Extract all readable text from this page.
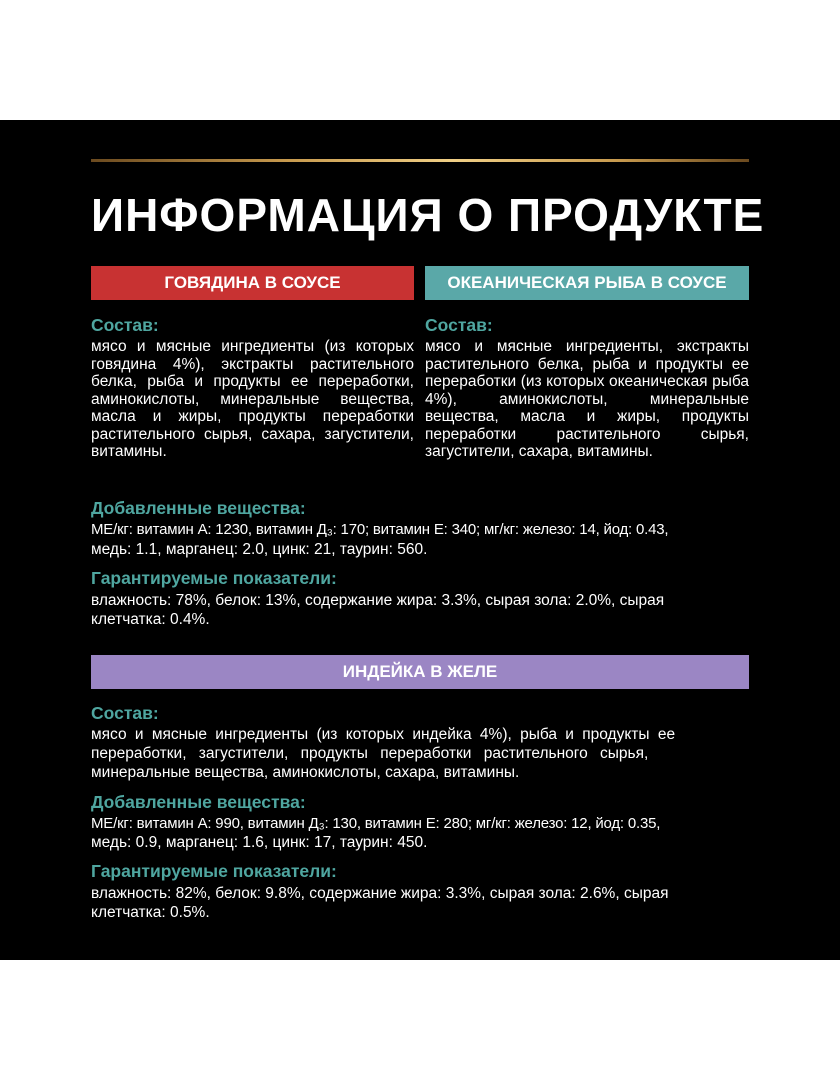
ИНФОРМАЦИЯ О ПРОДУКТЕ
ГОВЯДИНА В СОУСЕ
Состав:
мясо и мясные ингредиенты (из которых говядина 4%), экстракты растительного белка, рыба и продукты ее переработки, аминокислоты, минеральные вещества, масла и жиры, продукты переработки растительного сырья, сахара, загустители, витамины.
ОКЕАНИЧЕСКАЯ РЫБА В СОУСЕ
Состав:
мясо и мясные ингредиенты, экстракты растительного белка, рыба и продукты ее переработки (из которых океаническая рыба 4%), аминокислоты, минеральные вещества, масла и жиры, продукты переработки растительного сырья, загустители, сахара, витамины.
Добавленные вещества:
МЕ/кг: витамин А: 1230, витамин Д₃: 170; витамин Е: 340; мг/кг: железо: 14, йод: 0.43,
медь: 1.1, марганец: 2.0, цинк: 21, таурин: 560.
Гарантируемые показатели:
влажность: 78%, белок: 13%, содержание жира: 3.3%, сырая зола: 2.0%, сырая
клетчатка: 0.4%.
ИНДЕЙКА В ЖЕЛЕ
Состав:
мясо и мясные ингредиенты (из которых индейка 4%), рыба и продукты ее
переработки, загустители, продукты переработки растительного сырья,
минеральные вещества, аминокислоты, сахара, витамины.
Добавленные вещества:
МЕ/кг: витамин А: 990, витамин Д₃: 130, витамин Е: 280; мг/кг: железо: 12, йод: 0.35,
медь: 0.9, марганец: 1.6, цинк: 17, таурин: 450.
Гарантируемые показатели:
влажность: 82%, белок: 9.8%, содержание жира: 3.3%, сырая зола: 2.6%, сырая
клетчатка: 0.5%.
